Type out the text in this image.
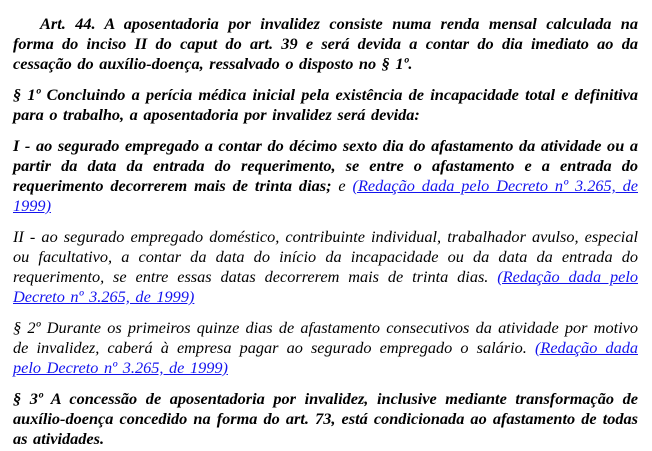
Art. 44. A aposentadoria por invalidez consiste numa renda mensal calculada na forma do inciso II do caput do art. 39 e será devida a contar do dia imediato ao da cessação do auxílio-doença, ressalvado o disposto no § 1º.

§ 1º Concluindo a perícia médica inicial pela existência de incapacidade total e definitiva para o trabalho, a aposentadoria por invalidez será devida:

I - ao segurado empregado a contar do décimo sexto dia do afastamento da atividade ou a partir da data da entrada do requerimento, se entre o afastamento e a entrada do requerimento decorrerem mais de trinta dias; e (Redação dada pelo Decreto nº 3.265, de 1999)

II - ao segurado empregado doméstico, contribuinte individual, trabalhador avulso, especial ou facultativo, a contar da data do início da incapacidade ou da data da entrada do requerimento, se entre essas datas decorrerem mais de trinta dias. (Redação dada pelo Decreto nº 3.265, de 1999)

§ 2º Durante os primeiros quinze dias de afastamento consecutivos da atividade por motivo de invalidez, caberá à empresa pagar ao segurado empregado o salário. (Redação dada pelo Decreto nº 3.265, de 1999)

§ 3º A concessão de aposentadoria por invalidez, inclusive mediante transformação de auxílio-doença concedido na forma do art. 73, está condicionada ao afastamento de todas as atividades.
